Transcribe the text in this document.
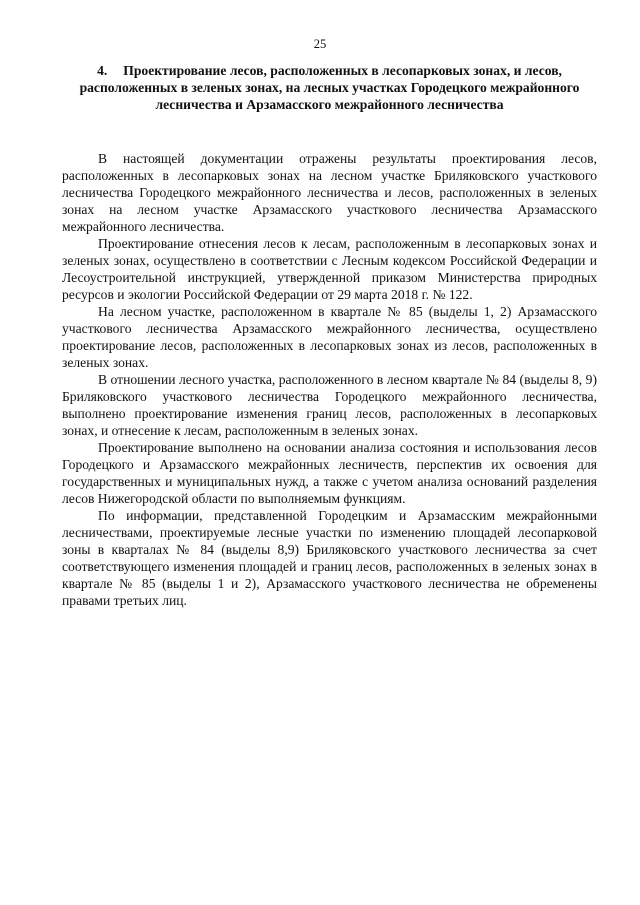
25
4. Проектирование лесов, расположенных в лесопарковых зонах, и лесов, расположенных в зеленых зонах, на лесных участках Городецкого межрайонного лесничества и Арзамасского межрайонного лесничества

В настоящей документации отражены результаты проектирования лесов, расположенных в лесопарковых зонах на лесном участке Бриляковского участкового лесничества Городецкого межрайонного лесничества и лесов, расположенных в зеленых зонах на лесном участке Арзамасского участкового лесничества Арзамасского межрайонного лесничества.

Проектирование отнесения лесов к лесам, расположенным в лесопарковых зонах и зеленых зонах, осуществлено в соответствии с Лесным кодексом Российской Федерации и Лесоустроительной инструкцией, утвержденной приказом Министерства природных ресурсов и экологии Российской Федерации от 29 марта 2018 г. № 122.

На лесном участке, расположенном в квартале № 85 (выделы 1, 2) Арзамасского участкового лесничества Арзамасского межрайонного лесничества, осуществлено проектирование лесов, расположенных в лесопарковых зонах из лесов, расположенных в зеленых зонах.

В отношении лесного участка, расположенного в лесном квартале № 84 (выделы 8, 9) Бриляковского участкового лесничества Городецкого межрайонного лесничества, выполнено проектирование изменения границ лесов, расположенных в лесопарковых зонах, и отнесение к лесам, расположенным в зеленых зонах.

Проектирование выполнено на основании анализа состояния и использования лесов Городецкого и Арзамасского межрайонных лесничеств, перспектив их освоения для государственных и муниципальных нужд, а также с учетом анализа оснований разделения лесов Нижегородской области по выполняемым функциям.

По информации, представленной Городецким и Арзамасским межрайонными лесничествами, проектируемые лесные участки по изменению площадей лесопарковой зоны в кварталах № 84 (выделы 8,9) Бриляковского участкового лесничества за счет соответствующего изменения площадей и границ лесов, расположенных в зеленых зонах в квартале № 85 (выделы 1 и 2), Арзамасского участкового лесничества не обременены правами третьих лиц.
